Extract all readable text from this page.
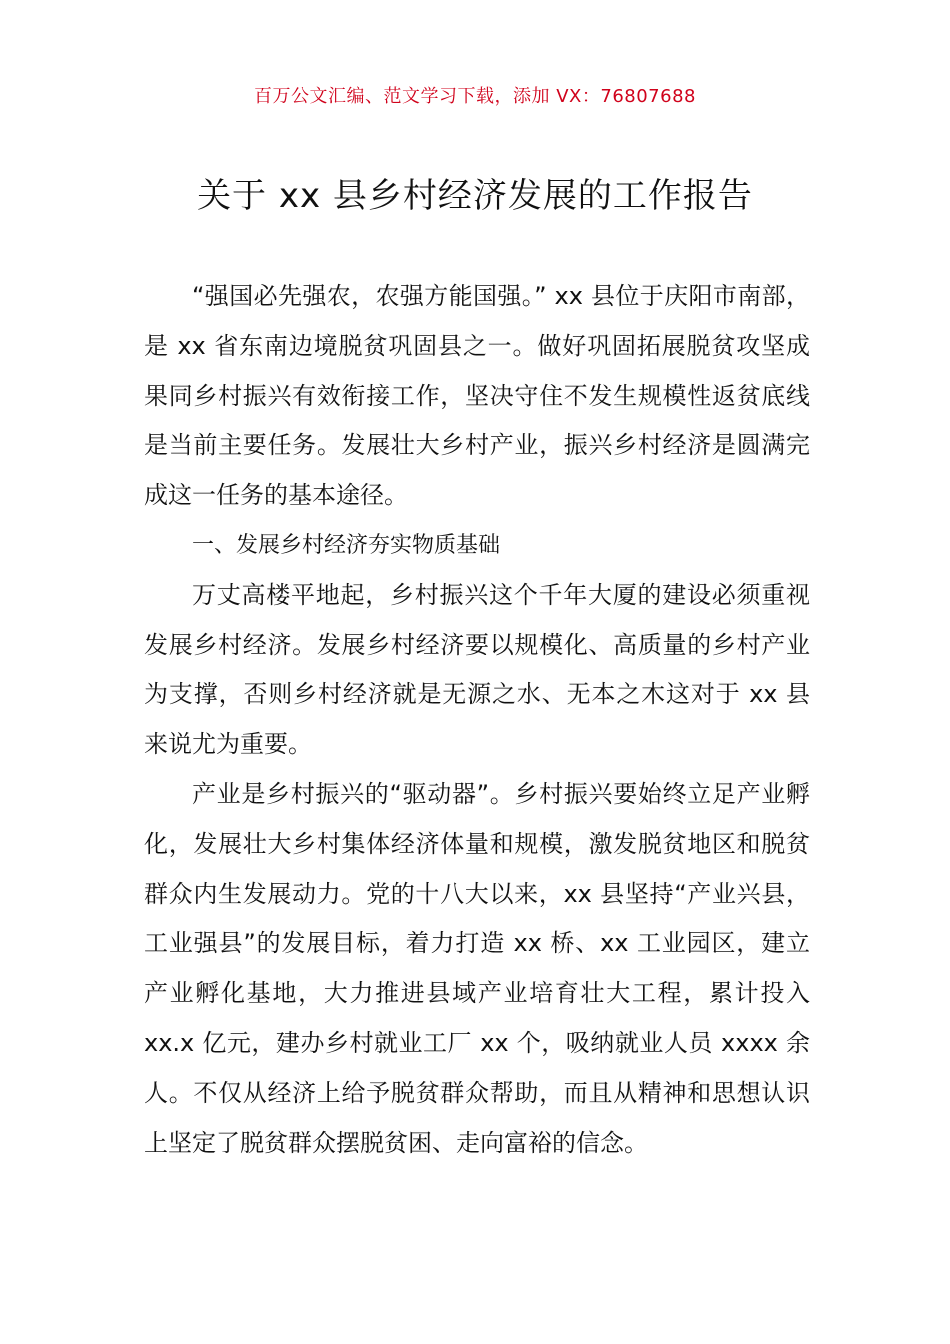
百万公文汇编、范文学习下载，添加 VX：76807688
关于 xx 县乡村经济发展的工作报告

“强国必先强农，农强方能国强。” xx 县位于庆阳市南部，是 xx 省东南边境脱贫巩固县之一。做好巩固拓展脱贫攻坚成果同乡村振兴有效衔接工作，坚决守住不发生规模性返贫底线是当前主要任务。发展壮大乡村产业，振兴乡村经济是圆满完成这一任务的基本途径。

一、发展乡村经济夯实物质基础

万丈高楼平地起，乡村振兴这个千年大厦的建设必须重视发展乡村经济。发展乡村经济要以规模化、高质量的乡村产业为支撑，否则乡村经济就是无源之水、无本之木这对于 xx 县来说尤为重要。

产业是乡村振兴的“驱动器”。乡村振兴要始终立足产业孵化，发展壮大乡村集体经济体量和规模，激发脱贫地区和脱贫群众内生发展动力。党的十八大以来，xx 县坚持“产业兴县，工业强县”的发展目标，着力打造 xx 桥、xx 工业园区，建立产业孵化基地，大力推进县域产业培育壮大工程，累计投入 xx.x 亿元，建办乡村就业工厂 xx 个，吸纳就业人员 xxxx 余人。不仅从经济上给予脱贫群众帮助，而且从精神和思想认识上坚定了脱贫群众摆脱贫困、走向富裕的信念。
